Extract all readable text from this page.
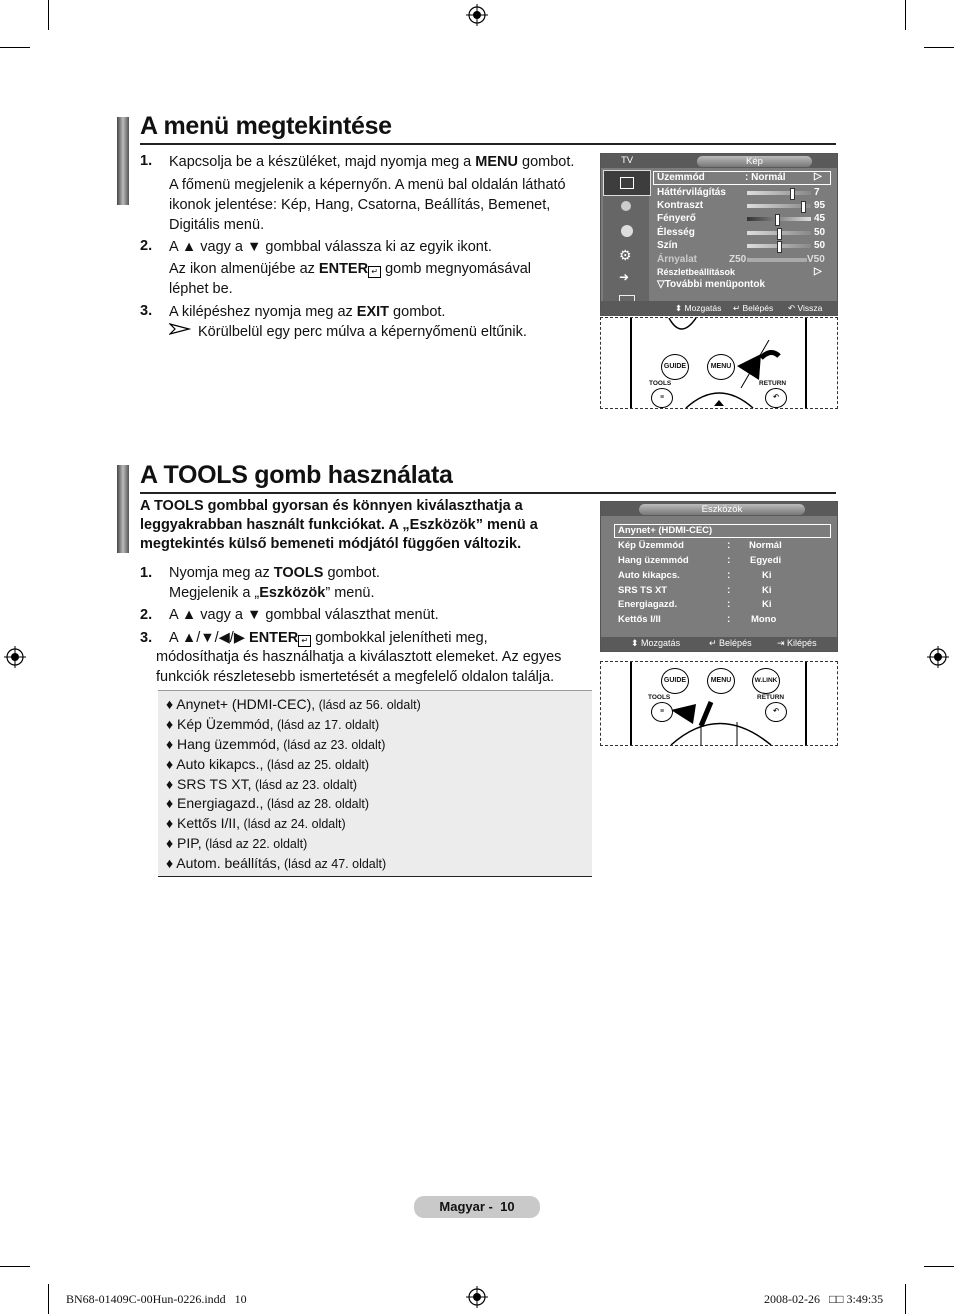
A menü megtekintése
1. Kapcsolja be a készüléket, majd nyomja meg a MENU gombot.
A főmenü megjelenik a képernyőn. A menü bal oldalán látható
ikonok jelentése: Kép, Hang, Csatorna, Beállítás, Bemenet,
Digitális menü.
2. A ▲ vagy a ▼ gombbal válassza ki az egyik ikont.
Az ikon almenüjébe az ENTER ↵ gomb megnyomásával
léphet be.
3. A kilépéshez nyomja meg az EXIT gombot.
Körülbelül egy perc múlva a képernyőmenü eltűnik.
TV	Kép
⚙
➜
Üzemmód	: Normál	▷
Háttérvilágítás	7
Kontraszt	95
Fényerő	45
Élesség	50
Szín	50
Árnyalat	Z50	V50
Részletbeállítások	▷
▽További menüpontok
⬍ Mozgatás ↵ Belépés ↶ Vissza
GUIDE	MENU
TOOLS	RETURN
≡	↶
A TOOLS gomb használata
A TOOLS gombbal gyorsan és könnyen kiválaszthatja a
leggyakrabban használt funkciókat. A „Eszközök” menü a
megtekintés külső bemeneti módjától függően változik.
1. Nyomja meg az TOOLS gombot.
Megjelenik a „Eszközök” menü.
2. A ▲ vagy a ▼ gombbal választhat menüt.
3. A ▲/▼/◀/▶ ENTER ↵ gombokkal jelenítheti meg,
módosíthatja és használhatja a kiválasztott elemeket. Az egyes
funkciók részletesebb ismertetését a megfelelő oldalon találja.
♦ Anynet+ (HDMI-CEC), (lásd az 56. oldalt)
♦ Kép Üzemmód, (lásd az 17. oldalt)
♦ Hang üzemmód, (lásd az 23. oldalt)
♦ Auto kikapcs., (lásd az 25. oldalt)
♦ SRS TS XT, (lásd az 23. oldalt)
♦ Energiagazd., (lásd az 28. oldalt)
♦ Kettős I/II, (lásd az 24. oldalt)
♦ PIP, (lásd az 22. oldalt)
♦ Autom. beállítás, (lásd az 47. oldalt)
Eszközök
Anynet+ (HDMI-CEC)
Kép Üzemmód	: Normál
Hang üzemmód	: Egyedi
Auto kikapcs.	:	Ki
SRS TS XT	:	Ki
Energiagazd.	:	Ki
Kettős I/II	: Mono
⬍ Mozgatás	↵ Belépés	⇥ Kilépés
GUIDE	MENU	W.LINK
TOOLS	RETURN
≡	↶
Magyar -  10
BN68-01409C-00Hun-0226.indd   10	2008-02-26   □□ 3:49:35
